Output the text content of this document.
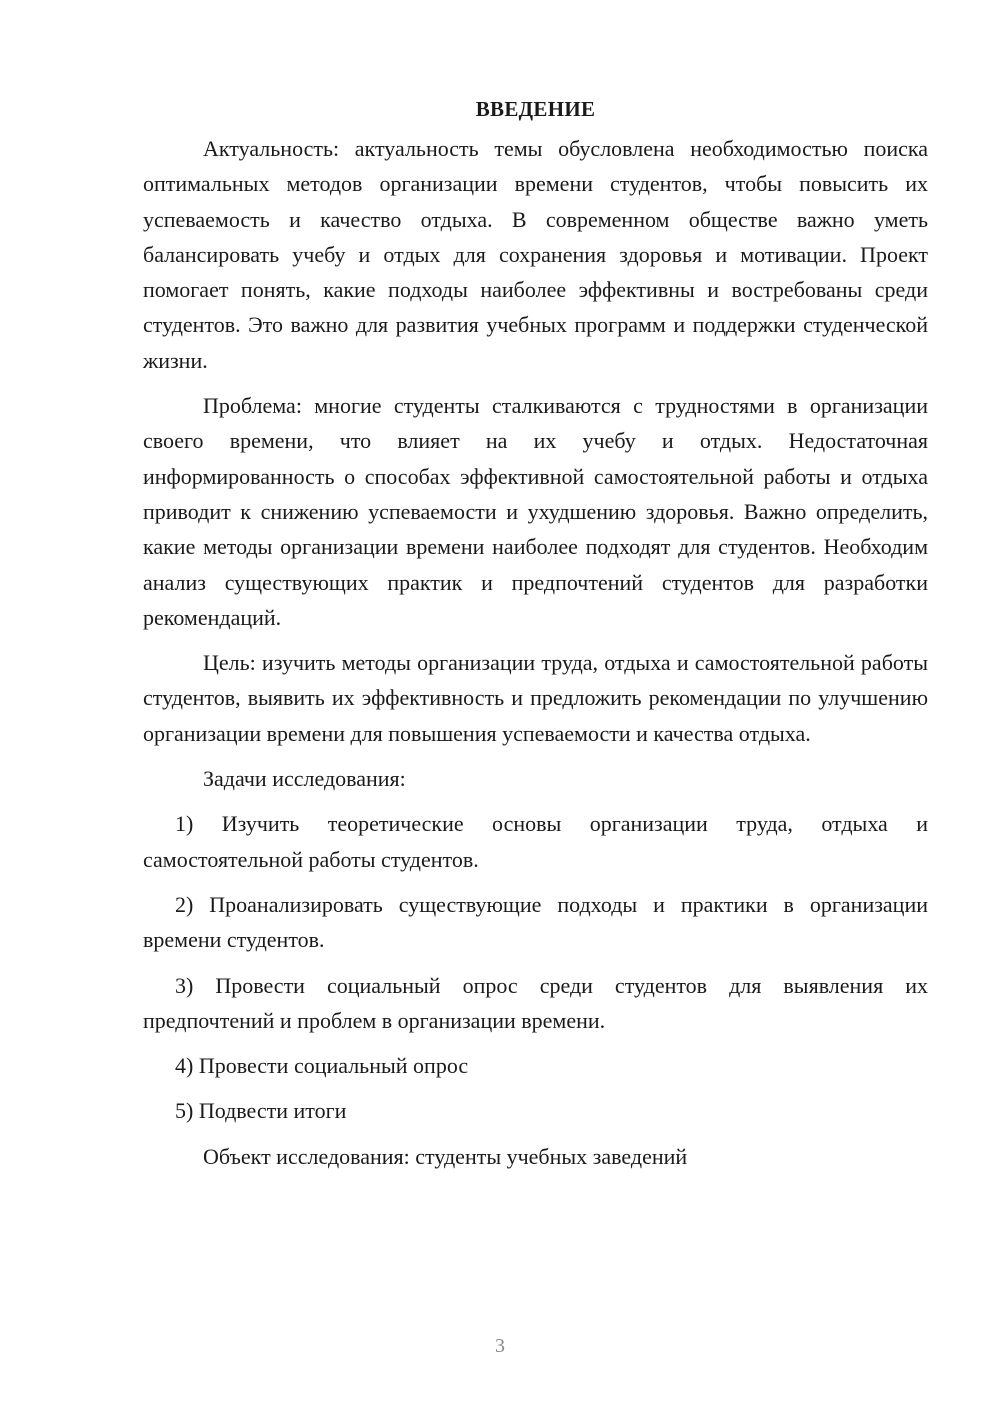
ВВЕДЕНИЕ

Актуальность: актуальность темы обусловлена необходимостью поиска оптимальных методов организации времени студентов, чтобы повысить их успеваемость и качество отдыха. В современном обществе важно уметь балансировать учебу и отдых для сохранения здоровья и мотивации. Проект помогает понять, какие подходы наиболее эффективны и востребованы среди студентов. Это важно для развития учебных программ и поддержки студенческой жизни.

Проблема: многие студенты сталкиваются с трудностями в организации своего времени, что влияет на их учебу и отдых. Недостаточная информированность о способах эффективной самостоятельной работы и отдыха приводит к снижению успеваемости и ухудшению здоровья. Важно определить, какие методы организации времени наиболее подходят для студентов. Необходим анализ существующих практик и предпочтений студентов для разработки рекомендаций.

Цель: изучить методы организации труда, отдыха и самостоятельной работы студентов, выявить их эффективность и предложить рекомендации по улучшению организации времени для повышения успеваемости и качества отдыха.

Задачи исследования:

1) Изучить теоретические основы организации труда, отдыха и самостоятельной работы студентов.

2) Проанализировать существующие подходы и практики в организации времени студентов.

3) Провести социальный опрос среди студентов для выявления их предпочтений и проблем в организации времени.

4) Провести социальный опрос

5) Подвести итоги

Объект исследования: студенты учебных заведений

3
